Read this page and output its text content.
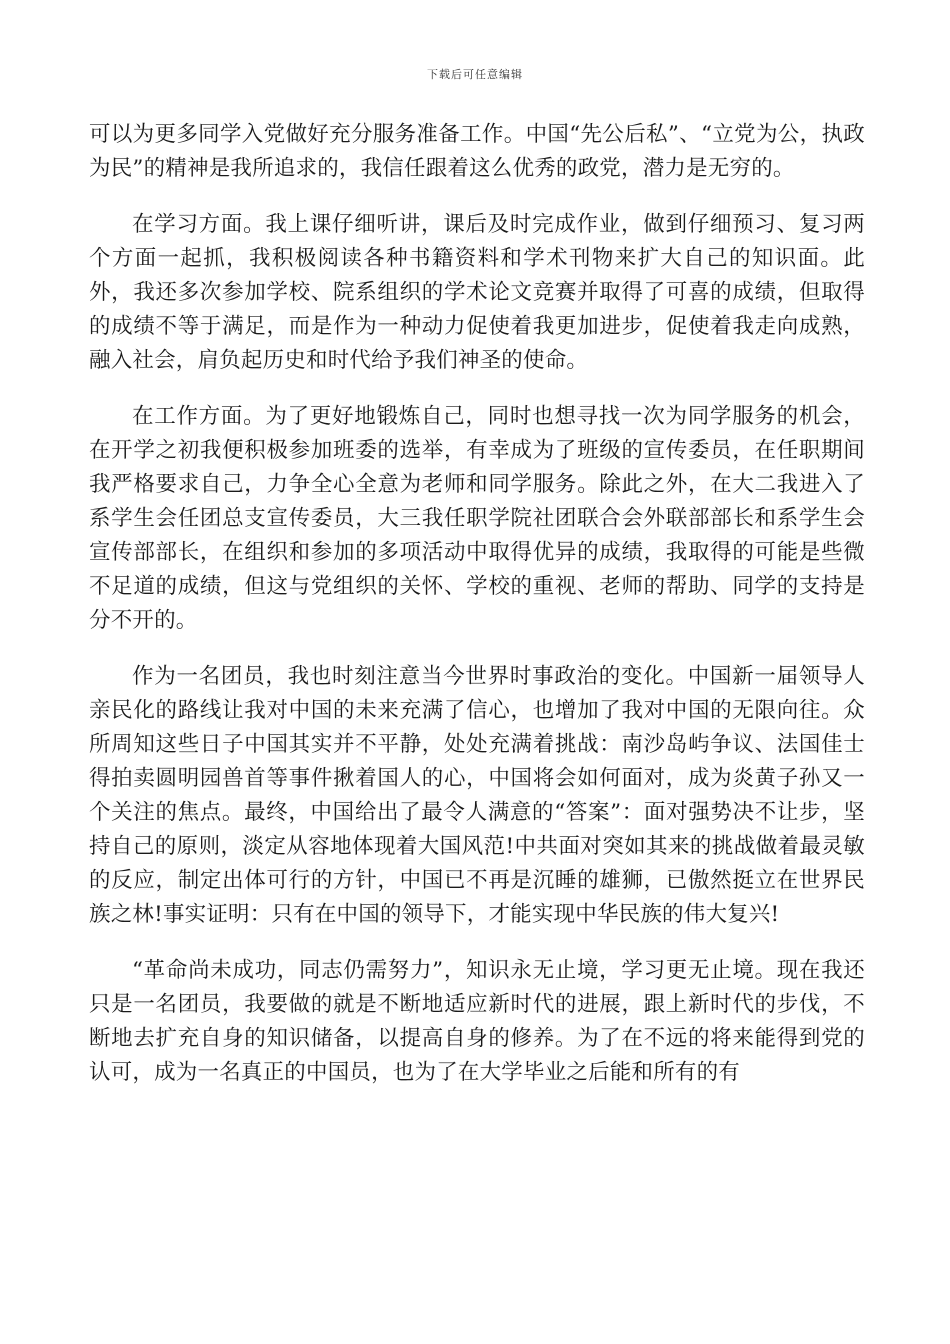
下载后可任意编辑

可以为更多同学入党做好充分服务准备工作。中国“先公后私”、“立党为公，执政为民”的精神是我所追求的，我信任跟着这么优秀的政党，潜力是无穷的。

在学习方面。我上课仔细听讲，课后及时完成作业，做到仔细预习、复习两个方面一起抓，我积极阅读各种书籍资料和学术刊物来扩大自己的知识面。此外，我还多次参加学校、院系组织的学术论文竞赛并取得了可喜的成绩，但取得的成绩不等于满足，而是作为一种动力促使着我更加进步，促使着我走向成熟，融入社会，肩负起历史和时代给予我们神圣的使命。

在工作方面。为了更好地锻炼自己，同时也想寻找一次为同学服务的机会，在开学之初我便积极参加班委的选举，有幸成为了班级的宣传委员，在任职期间我严格要求自己，力争全心全意为老师和同学服务。除此之外，在大二我进入了系学生会任团总支宣传委员，大三我任职学院社团联合会外联部部长和系学生会宣传部部长，在组织和参加的多项活动中取得优异的成绩，我取得的可能是些微不足道的成绩，但这与党组织的关怀、学校的重视、老师的帮助、同学的支持是分不开的。

作为一名团员，我也时刻注意当今世界时事政治的变化。中国新一届领导人亲民化的路线让我对中国的未来充满了信心，也增加了我对中国的无限向往。众所周知这些日子中国其实并不平静，处处充满着挑战：南沙岛屿争议、法国佳士得拍卖圆明园兽首等事件揪着国人的心，中国将会如何面对，成为炎黄子孙又一个关注的焦点。最终，中国给出了最令人满意的“答案”：面对强势决不让步，坚持自己的原则，淡定从容地体现着大国风范!中共面对突如其来的挑战做着最灵敏的反应，制定出体可行的方针，中国已不再是沉睡的雄狮，已傲然挺立在世界民族之林!事实证明：只有在中国的领导下，才能实现中华民族的伟大复兴!

“革命尚未成功，同志仍需努力”，知识永无止境，学习更无止境。现在我还只是一名团员，我要做的就是不断地适应新时代的进展，跟上新时代的步伐，不断地去扩充自身的知识储备，以提高自身的修养。为了在不远的将来能得到党的认可，成为一名真正的中国员，也为了在大学毕业之后能和所有的有
